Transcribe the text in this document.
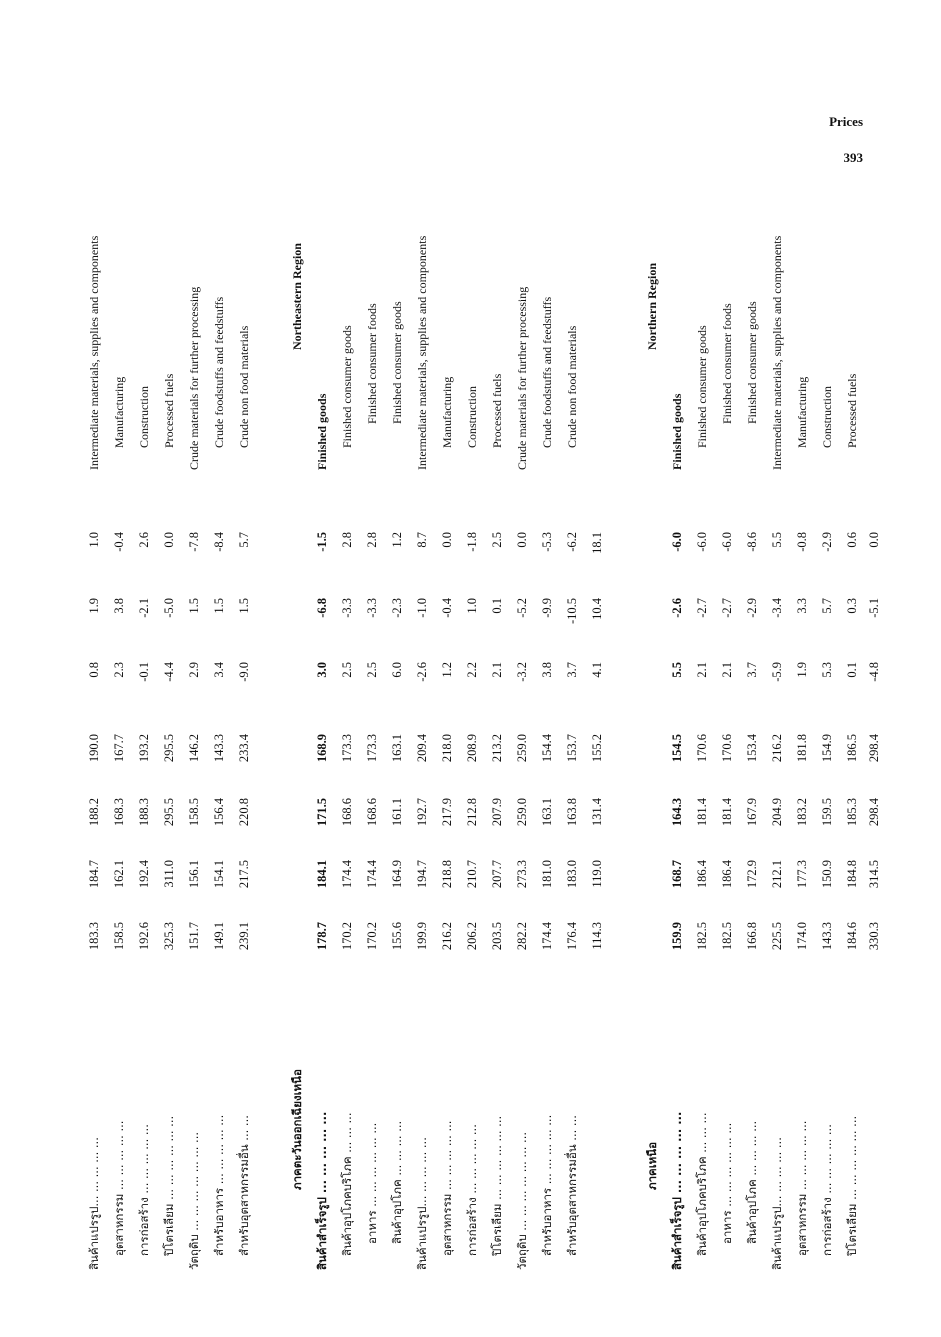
Prices
393
สินค้าแปรรูป... ... ... ... ...
183.3
184.7
188.2
190.0
0.8
1.9
1.0
Intermediate materials, supplies and components
อุตสาหกรรม ... ... ... ... ...
158.5
162.1
168.3
167.7
2.3
3.8
-0.4
Manufacturing
การก่อสร้าง ... ... ... ... ...
192.6
192.4
188.3
193.2
-0.1
-2.1
2.6
Construction
ปิโตรเลียม ... ... ... ... ... ...
325.3
311.0
295.5
295.5
-4.4
-5.0
0.0
Processed fuels
วัตถุดิบ ... ... ... ... ... ... ...
151.7
156.1
158.5
146.2
2.9
1.5
-7.8
Crude materials for further processing
สำหรับอาหาร ... ... ... ... ...
149.1
154.1
156.4
143.3
3.4
1.5
-8.4
Crude foodstuffs and feedstuffs
สำหรับอุตสาหกรรมอื่น ... ...
239.1
217.5
220.8
233.4
-9.0
1.5
5.7
Crude non food materials
ภาคตะวันออกเฉียงเหนือ
Northeastern Region
สินค้าสำเร็จรูป ... ... ... ... ...
178.7
184.1
171.5
168.9
3.0
-6.8
-1.5
Finished goods
สินค้าอุปโภคบริโภค ... ... ...
170.2
174.4
168.6
173.3
2.5
-3.3
2.8
Finished consumer goods
อาหาร ... ... ... ... ... ...
170.2
174.4
168.6
173.3
2.5
-3.3
2.8
Finished consumer foods
สินค้าอุปโภค ... ... ... ...
155.6
164.9
161.1
163.1
6.0
-2.3
1.2
Finished consumer goods
สินค้าแปรรูป... ... ... ... ...
199.9
194.7
192.7
209.4
-2.6
-1.0
8.7
Intermediate materials, supplies and components
อุตสาหกรรม ... ... ... ... ...
216.2
218.8
217.9
218.0
1.2
-0.4
0.0
Manufacturing
การก่อสร้าง ... ... ... ... ...
206.2
210.7
212.8
208.9
2.2
1.0
-1.8
Construction
ปิโตรเลียม ... ... ... ... ... ...
203.5
207.7
207.9
213.2
2.1
0.1
2.5
Processed fuels
วัตถุดิบ ... ... ... ... ... ... ...
282.2
273.3
259.0
259.0
-3.2
-5.2
0.0
Crude materials for further processing
สำหรับอาหาร ... ... ... ... ...
174.4
181.0
163.1
154.4
3.8
-9.9
-5.3
Crude foodstuffs and feedstuffs
สำหรับอุตสาหกรรมอื่น ... ...
176.4
183.0
163.8
153.7
3.7
-10.5
-6.2
Crude non food materials
114.3
119.0
131.4
155.2
4.1
10.4
18.1
ภาคเหนือ
Northern Region
สินค้าสำเร็จรูป ... ... ... ... ...
159.9
168.7
164.3
154.5
5.5
-2.6
-6.0
Finished goods
สินค้าอุปโภคบริโภค ... ... ...
182.5
186.4
181.4
170.6
2.1
-2.7
-6.0
Finished consumer goods
อาหาร ... ... ... ... ... ...
182.5
186.4
181.4
170.6
2.1
-2.7
-6.0
Finished consumer foods
สินค้าอุปโภค ... ... ... ...
166.8
172.9
167.9
153.4
3.7
-2.9
-8.6
Finished consumer goods
สินค้าแปรรูป... ... ... ... ...
225.5
212.1
204.9
216.2
-5.9
-3.4
5.5
Intermediate materials, supplies and components
อุตสาหกรรม ... ... ... ... ...
174.0
177.3
183.2
181.8
1.9
3.3
-0.8
Manufacturing
การก่อสร้าง ... ... ... ... ...
143.3
150.9
159.5
154.9
5.3
5.7
-2.9
Construction
ปิโตรเลียม ... ... ... ... ... ...
184.6
184.8
185.3
186.5
0.1
0.3
0.6
Processed fuels
330.3
314.5
298.4
298.4
-4.8
-5.1
0.0
